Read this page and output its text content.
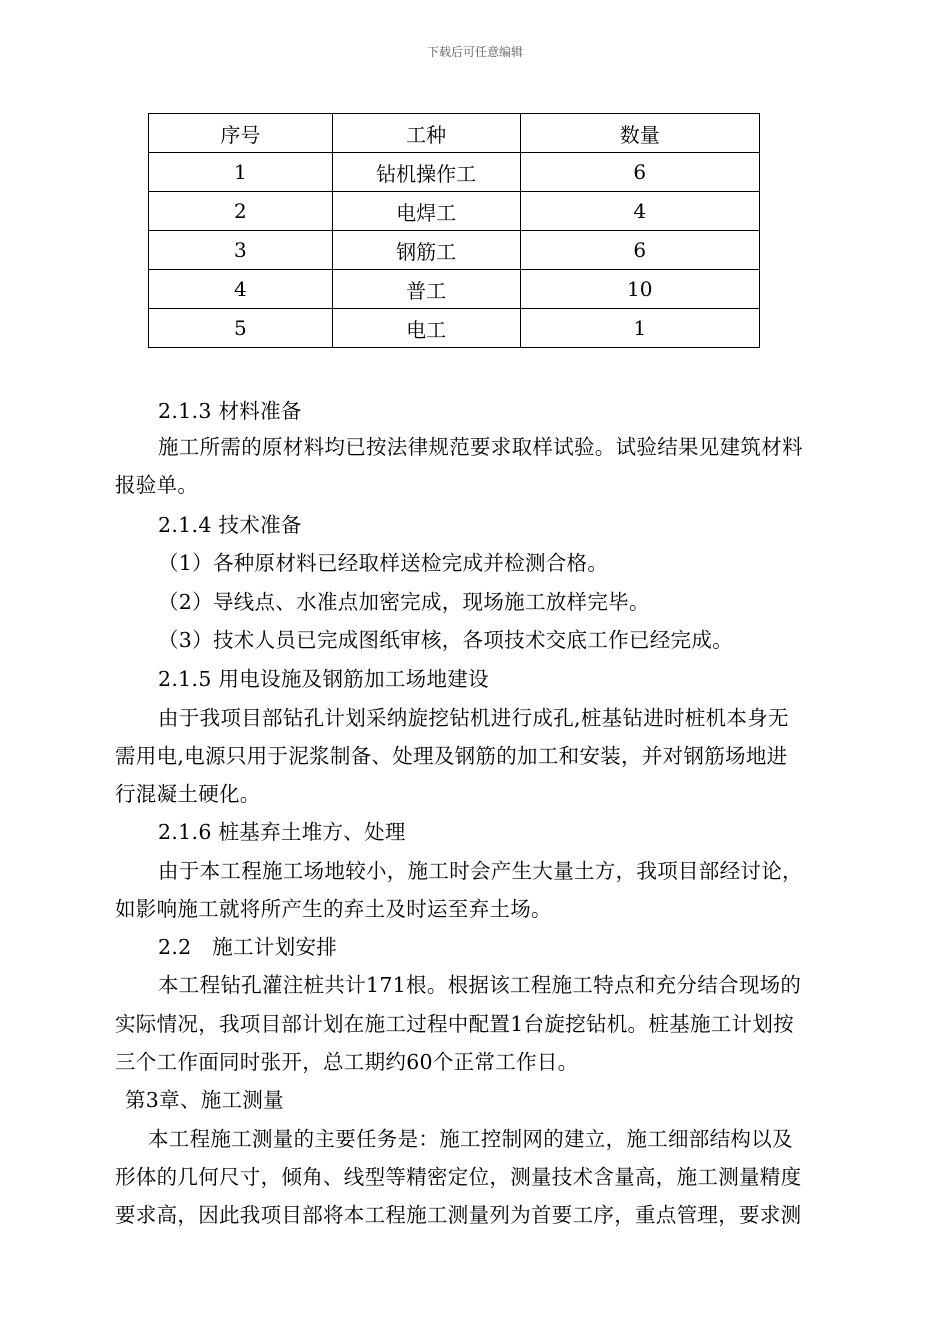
下载后可任意编辑
序号	工种	数量
1	钻机操作工	6
2	电焊工	4
3	钢筋工	6
4	普工	10
5	电工	1
2.1.3 材料准备
施工所需的原材料均已按法律规范要求取样试验。试验结果见建筑材料
报验单。
2.1.4 技术准备
（1）各种原材料已经取样送检完成并检测合格。
（2）导线点、水准点加密完成，现场施工放样完毕。
（3）技术人员已完成图纸审核，各项技术交底工作已经完成。
2.1.5 用电设施及钢筋加工场地建设
由于我项目部钻孔计划采纳旋挖钻机进行成孔,桩基钻进时桩机本身无
需用电,电源只用于泥浆制备、处理及钢筋的加工和安装，并对钢筋场地进
行混凝土硬化。
2.1.6 桩基弃土堆方、处理
由于本工程施工场地较小，施工时会产生大量土方，我项目部经讨论，
如影响施工就将所产生的弃土及时运至弃土场。
2.2　施工计划安排
本工程钻孔灌注桩共计171根。根据该工程施工特点和充分结合现场的
实际情况，我项目部计划在施工过程中配置1台旋挖钻机。桩基施工计划按
三个工作面同时张开，总工期约60个正常工作日。
第3章、施工测量
本工程施工测量的主要任务是：施工控制网的建立，施工细部结构以及
形体的几何尺寸，倾角、线型等精密定位，测量技术含量高，施工测量精度
要求高，因此我项目部将本工程施工测量列为首要工序，重点管理，要求测
